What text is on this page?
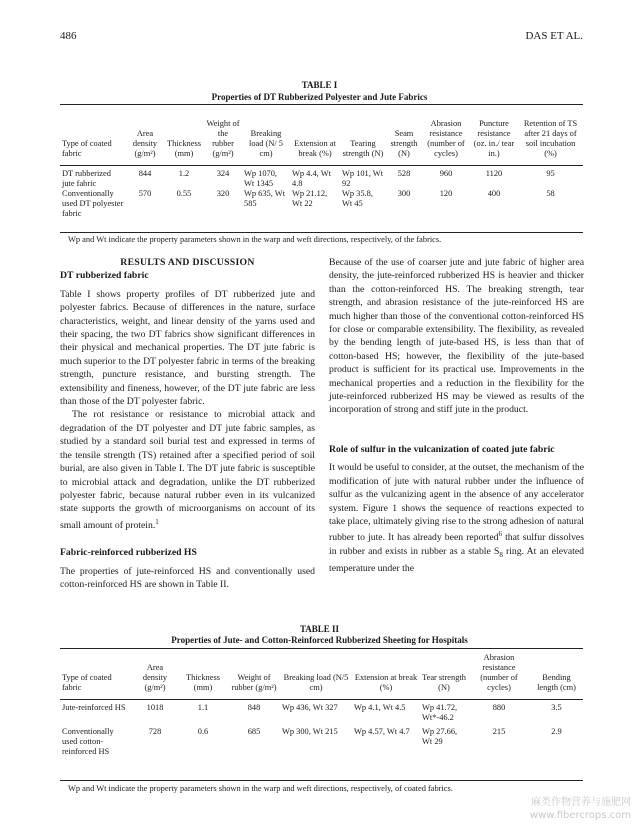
486	DAS ET AL.
TABLE I
Properties of DT Rubberized Polyester and Jute Fabrics
Type of coated fabric	Area density (g/m²)	Thickness (mm)	Weight of the rubber (g/m²)	Breaking load (N/ 5 cm)	Extension at break (%)	Tearing strength (N)	Seam strength (N)	Abrasion resistance (number of cycles)	Puncture resistance (oz. in./ tear in.)	Retention of TS after 21 days of soil incubation (%)

DT rubberized jute fabric	844	1.2	324	Wp 1070, Wt 1345	Wp 4.4, Wt 4.8	Wp 101, Wt 92	528	960	1120	95
Conventionally used DT polyester fabric	570	0.55	320	Wp 635, Wt 585	Wp 21.12, Wt 22	Wp 35.8, Wt 45	300	120	400	58
Wp and Wt indicate the property parameters shown in the warp and weft directions, respectively, of the fabrics.

RESULTS AND DISCUSSION

DT rubberized fabric

Table I shows property profiles of DT rubberized jute and polyester fabrics. Because of differences in the nature, surface characteristics, weight, and linear density of the yarns used and their spacing, the two DT fabrics show significant differences in their physical and mechanical properties. The DT jute fabric is much superior to the DT polyester fabric in terms of the breaking strength, puncture resistance, and bursting strength. The extensibility and fineness, however, of the DT jute fabric are less than those of the DT polyester fabric.

The rot resistance or resistance to microbial attack and degradation of the DT polyester and DT jute fabric samples, as studied by a standard soil burial test and expressed in terms of the tensile strength (TS) retained after a specified period of soil burial, are also given in Table I. The DT jute fabric is susceptible to microbial attack and degradation, unlike the DT rubberized polyester fabric, because natural rubber even in its vulcanized state supports the growth of microorganisms on account of its small amount of protein.$^1$

Fabric-reinforced rubberized HS

The properties of jute-reinforced HS and conventionally used cotton-reinforced HS are shown in Table II.

Because of the use of coarser jute and jute fabric of higher area density, the jute-reinforced rubberized HS is heavier and thicker than the cotton-reinforced HS. The breaking strength, tear strength, and abrasion resistance of the jute-reinforced HS are much higher than those of the conventional cotton-reinforced HS for close or comparable extensibility. The flexibility, as revealed by the bending length of jute-based HS, is less than that of cotton-based HS; however, the flexibility of the jute-based product is sufficient for its practical use. Improvements in the mechanical properties and a reduction in the flexibility for the jute-reinforced rubberized HS may be viewed as results of the incorporation of strong and stiff jute in the product.

Role of sulfur in the vulcanization of coated jute fabric

It would be useful to consider, at the outset, the mechanism of the modification of jute with natural rubber under the influence of sulfur as the vulcanizing agent in the absence of any accelerator system. Figure 1 shows the sequence of reactions expected to take place, ultimately giving rise to the strong adhesion of natural rubber to jute. It has already been reported$^6$ that sulfur dissolves in rubber and exists in rubber as a stable $S_8$ ring. At an elevated temperature under the

TABLE II
Properties of Jute- and Cotton-Reinforced Rubberized Sheeting for Hospitals
Type of coated fabric	Area density (g/m²)	Thickness (mm)	Weight of rubber (g/m²)	Breaking load (N/5 cm)	Extension at break (%)	Tear strength (N)	Abrasion resistance (number of cycles)	Bending length (cm)

Jute-reinforced HS	1018	1.1	848	Wp 436, Wt 327	Wp 4.1, Wt 4.5	Wp 41.72, Wt*-46.2	880	3.5
Conventionally used cotton-reinforced HS	728	0.6	685	Wp 300, Wt 215	Wp 4.57, Wt 4.7	Wp 27.66, Wt 29	215	2.9
Wp and Wt indicate the property parameters shown in the warp and weft directions, respectively, of coated fabrics.
麻类作物营养与施肥网
www.fibercrops.com
